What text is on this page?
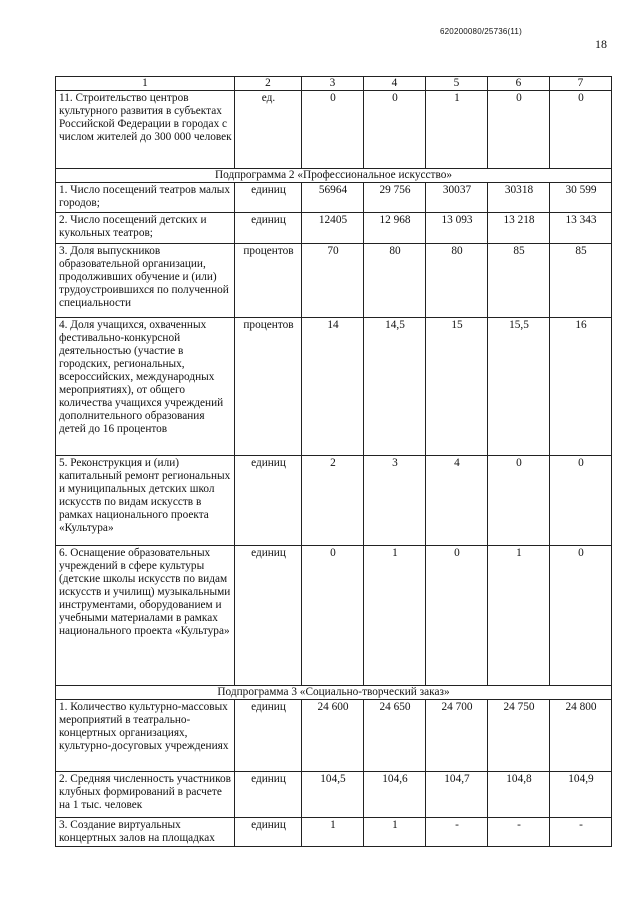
620200080/25736(11)
18
1	2	3	4	5	6	7
11. Строительство центров культурного развития в субъектах Российской Федерации в городах с числом жителей до 300 000 человек	ед.	0	0	1	0	0
Подпрограмма 2 «Профессиональное искусство»						
1. Число посещений театров малых городов;	единиц	56964	29 756	30037	30318	30 599
2. Число посещений детских и кукольных театров;	единиц	12405	12 968	13 093	13 218	13 343
3. Доля выпускников образовательной организации, продолживших обучение и (или) трудоустроившихся по полученной специальности	процентов	70	80	80	85	85
4. Доля учащихся, охваченных фестивально-конкурсной деятельностью (участие в городских, региональных, всероссийских, международных мероприятиях), от общего количества учащихся учреждений дополнительного образования детей до 16 процентов	процентов	14	14,5	15	15,5	16
5. Реконструкция и (или) капитальный ремонт региональных и муниципальных детских школ искусств по видам искусств в рамках национального проекта «Культура»	единиц	2	3	4	0	0
6. Оснащение образовательных учреждений в сфере культуры (детские школы искусств по видам искусств и училищ) музыкальными инструментами, оборудованием и учебными материалами в рамках национального проекта «Культура»	единиц	0	1	0	1	0
Подпрограмма 3 «Социально-творческий заказ»						
1. Количество культурно-массовых мероприятий в театрально-концертных организациях, культурно-досуговых учреждениях	единиц	24 600	24 650	24 700	24 750	24 800
2. Средняя численность участников клубных формирований в расчете на 1 тыс. человек	единиц	104,5	104,6	104,7	104,8	104,9
3. Создание виртуальных концертных залов на площадках	единиц	1	1	-	-	-
